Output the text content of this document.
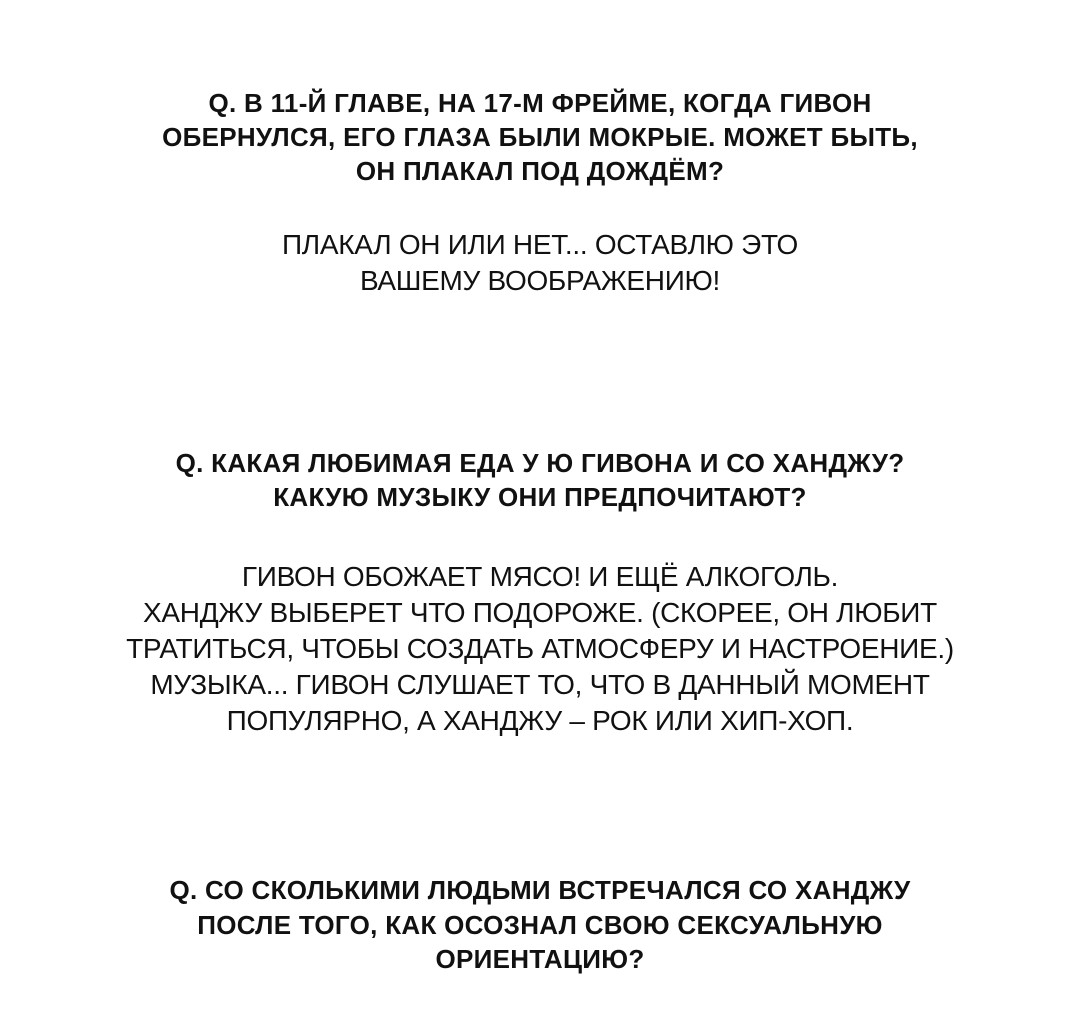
Q. В 11-Й ГЛАВЕ, НА 17-М ФРЕЙМЕ, КОГДА ГИВОН
ОБЕРНУЛСЯ, ЕГО ГЛАЗА БЫЛИ МОКРЫЕ. МОЖЕТ БЫТЬ,
ОН ПЛАКАЛ ПОД ДОЖДЁМ?
ПЛАКАЛ ОН ИЛИ НЕТ... ОСТАВЛЮ ЭТО
ВАШЕМУ ВООБРАЖЕНИЮ!
Q. КАКАЯ ЛЮБИМАЯ ЕДА У Ю ГИВОНА И СО ХАНДЖУ?
КАКУЮ МУЗЫКУ ОНИ ПРЕДПОЧИТАЮТ?
ГИВОН ОБОЖАЕТ МЯСО! И ЕЩЁ АЛКОГОЛЬ.
ХАНДЖУ ВЫБЕРЕТ ЧТО ПОДОРОЖЕ. (СКОРЕЕ, ОН ЛЮБИТ
ТРАТИТЬСЯ, ЧТОБЫ СОЗДАТЬ АТМОСФЕРУ И НАСТРОЕНИЕ.)
МУЗЫКА... ГИВОН СЛУШАЕТ ТО, ЧТО В ДАННЫЙ МОМЕНТ
ПОПУЛЯРНО, А ХАНДЖУ – РОК ИЛИ ХИП-ХОП.
Q. СО СКОЛЬКИМИ ЛЮДЬМИ ВСТРЕЧАЛСЯ СО ХАНДЖУ
ПОСЛЕ ТОГО, КАК ОСОЗНАЛ СВОЮ СЕКСУАЛЬНУЮ
ОРИЕНТАЦИЮ?
